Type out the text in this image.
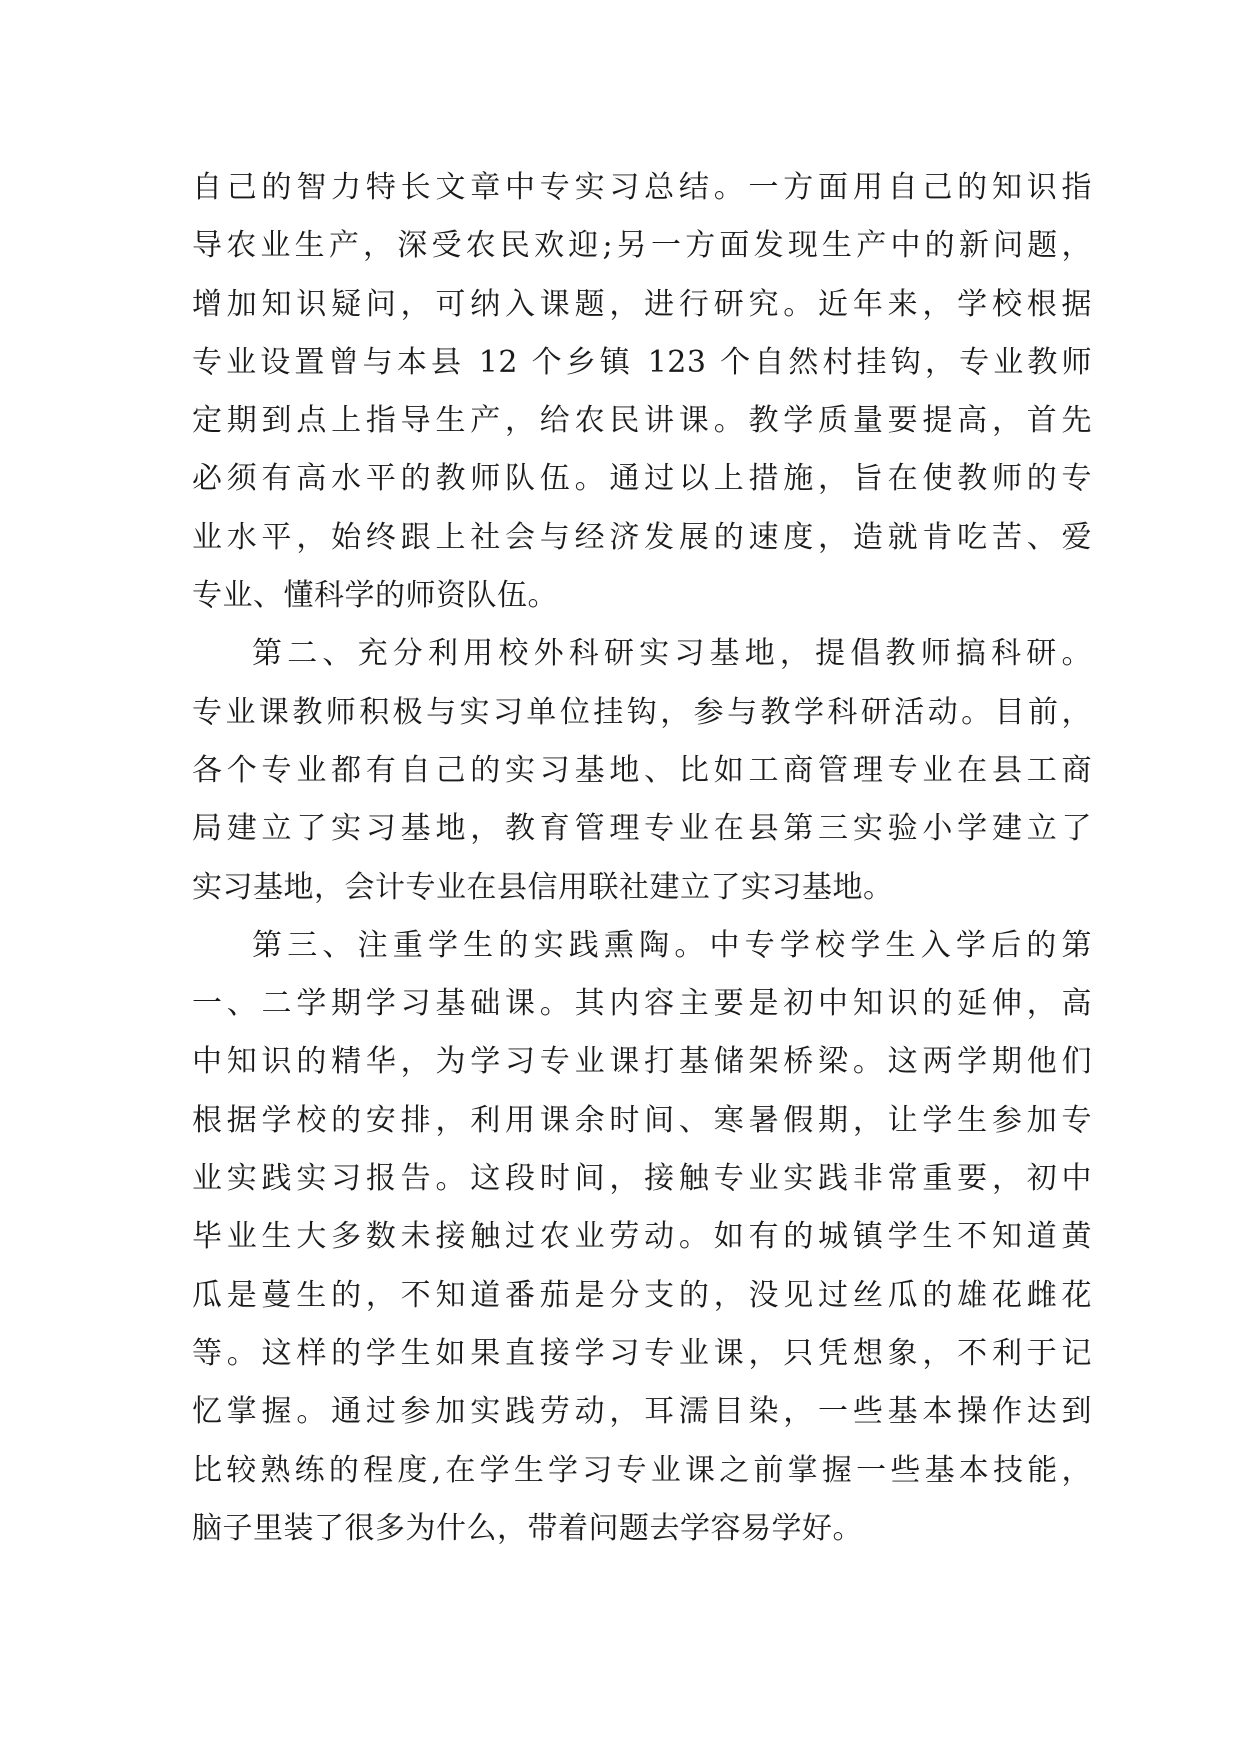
自己的智力特长文章中专实习总结。一方面用自己的知识指
导农业生产，深受农民欢迎;另一方面发现生产中的新问题，
增加知识疑问，可纳入课题，进行研究。近年来，学校根据
专业设置曾与本县 12 个乡镇 123 个自然村挂钩，专业教师
定期到点上指导生产，给农民讲课。教学质量要提高，首先
必须有高水平的教师队伍。通过以上措施，旨在使教师的专
业水平，始终跟上社会与经济发展的速度，造就肯吃苦、爱
专业、懂科学的师资队伍。
第二、充分利用校外科研实习基地，提倡教师搞科研。
专业课教师积极与实习单位挂钩，参与教学科研活动。目前，
各个专业都有自己的实习基地、比如工商管理专业在县工商
局建立了实习基地，教育管理专业在县第三实验小学建立了
实习基地，会计专业在县信用联社建立了实习基地。
第三、注重学生的实践熏陶。中专学校学生入学后的第
一、二学期学习基础课。其内容主要是初中知识的延伸，高
中知识的精华，为学习专业课打基储架桥梁。这两学期他们
根据学校的安排，利用课余时间、寒暑假期，让学生参加专
业实践实习报告。这段时间，接触专业实践非常重要，初中
毕业生大多数未接触过农业劳动。如有的城镇学生不知道黄
瓜是蔓生的，不知道番茄是分支的，没见过丝瓜的雄花雌花
等。这样的学生如果直接学习专业课，只凭想象，不利于记
忆掌握。通过参加实践劳动，耳濡目染，一些基本操作达到
比较熟练的程度,在学生学习专业课之前掌握一些基本技能，
脑子里装了很多为什么，带着问题去学容易学好。
